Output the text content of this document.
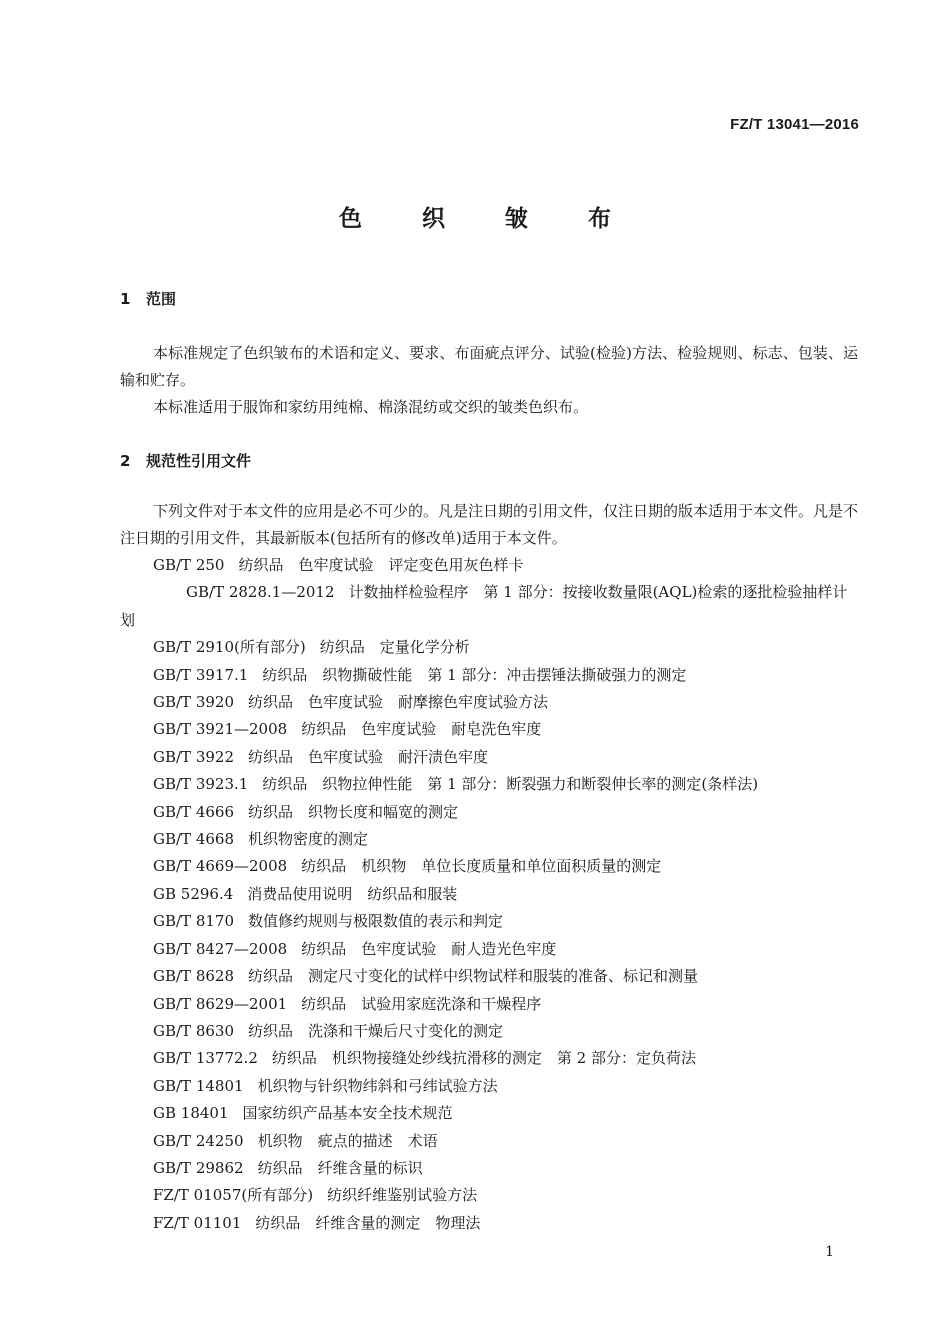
FZ/T 13041—2016
色 织 皱 布
1 范围
本标准规定了色织皱布的术语和定义、要求、布面疵点评分、试验(检验)方法、检验规则、标志、包装、运输和贮存。
本标准适用于服饰和家纺用纯棉、棉涤混纺或交织的皱类色织布。
2 规范性引用文件
下列文件对于本文件的应用是必不可少的。凡是注日期的引用文件，仅注日期的版本适用于本文件。凡是不注日期的引用文件，其最新版本(包括所有的修改单)适用于本文件。
GB/T 250 纺织品　色牢度试验　评定变色用灰色样卡
GB/T 2828.1—2012 计数抽样检验程序　第 1 部分：按接收数量限(AQL)检索的逐批检验抽样计划
GB/T 2910(所有部分) 纺织品　定量化学分析
GB/T 3917.1 纺织品　织物撕破性能　第 1 部分：冲击摆锤法撕破强力的测定
GB/T 3920 纺织品　色牢度试验　耐摩擦色牢度试验方法
GB/T 3921—2008 纺织品　色牢度试验　耐皂洗色牢度
GB/T 3922 纺织品　色牢度试验　耐汗渍色牢度
GB/T 3923.1 纺织品　织物拉伸性能　第 1 部分：断裂强力和断裂伸长率的测定(条样法)
GB/T 4666 纺织品　织物长度和幅宽的测定
GB/T 4668 机织物密度的测定
GB/T 4669—2008 纺织品　机织物　单位长度质量和单位面积质量的测定
GB 5296.4 消费品使用说明　纺织品和服装
GB/T 8170 数值修约规则与极限数值的表示和判定
GB/T 8427—2008 纺织品　色牢度试验　耐人造光色牢度
GB/T 8628 纺织品　测定尺寸变化的试样中织物试样和服装的准备、标记和测量
GB/T 8629—2001 纺织品　试验用家庭洗涤和干燥程序
GB/T 8630 纺织品　洗涤和干燥后尺寸变化的测定
GB/T 13772.2 纺织品　机织物接缝处纱线抗滑移的测定　第 2 部分：定负荷法
GB/T 14801 机织物与针织物纬斜和弓纬试验方法
GB 18401 国家纺织产品基本安全技术规范
GB/T 24250 机织物　疵点的描述　术语
GB/T 29862 纺织品　纤维含量的标识
FZ/T 01057(所有部分) 纺织纤维鉴别试验方法
FZ/T 01101 纺织品　纤维含量的测定　物理法
1
